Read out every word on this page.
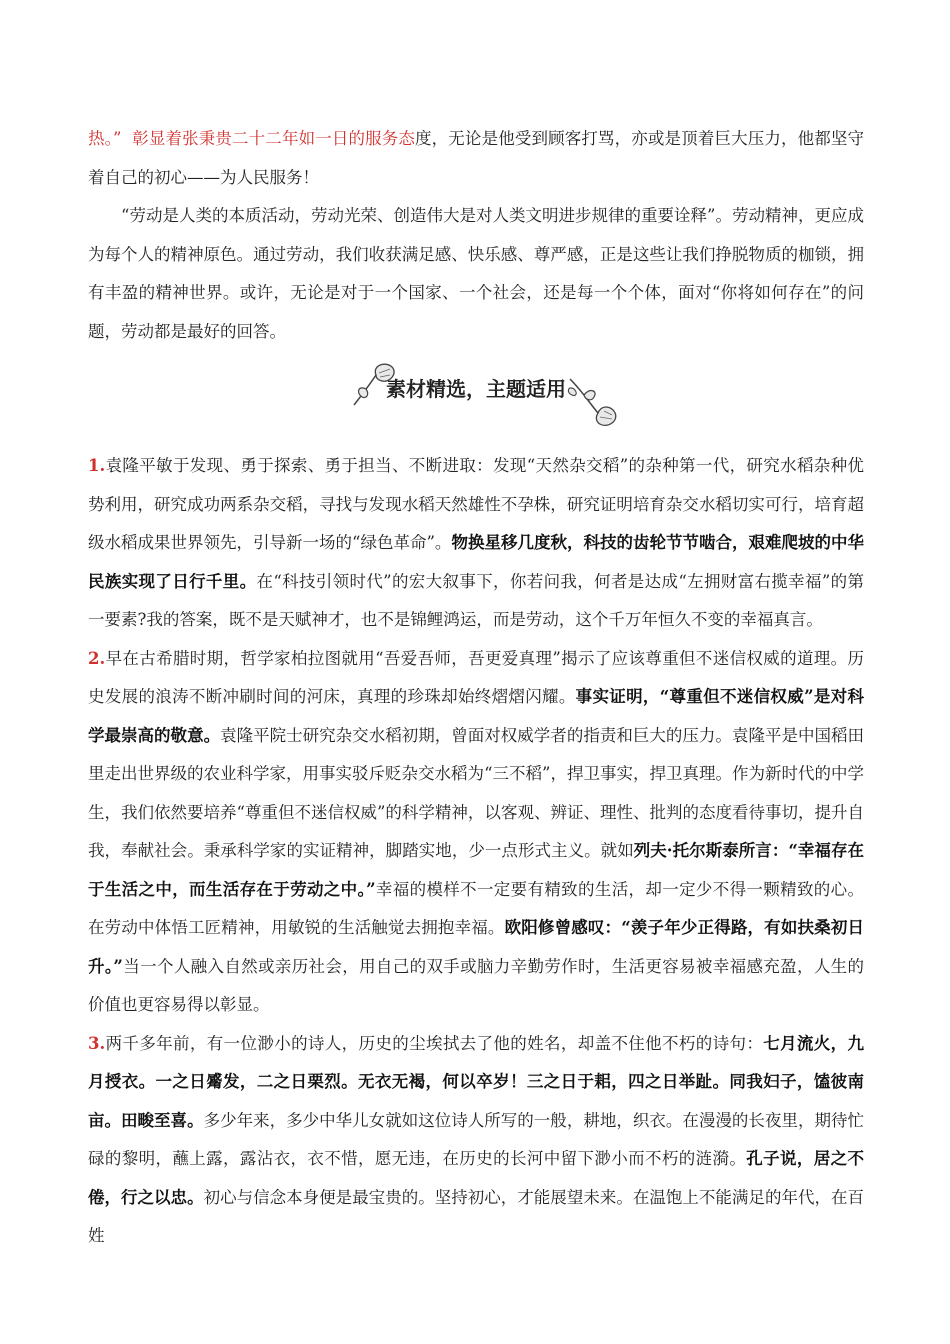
热。” 彰显着张秉贵二十二年如一日的服务态度，无论是他受到顾客打骂，亦或是顶着巨大压力，他都坚守着自己的初心——为人民服务！

“劳动是人类的本质活动，劳动光荣、创造伟大是对人类文明进步规律的重要诠释”。劳动精神，更应成为每个人的精神原色。通过劳动，我们收获满足感、快乐感、尊严感，正是这些让我们挣脱物质的枷锁，拥有丰盈的精神世界。或许，无论是对于一个国家、一个社会，还是每一个个体，面对“你将如何存在”的问题，劳动都是最好的回答。

素材精选，主题适用

1.袁隆平敏于发现、勇于探索、勇于担当、不断进取：发现“天然杂交稻”的杂种第一代，研究水稻杂种优势利用，研究成功两系杂交稻，寻找与发现水稻天然雄性不孕株，研究证明培育杂交水稻切实可行，培育超级水稻成果世界领先，引导新一场的“绿色革命”。物换星移几度秋，科技的齿轮节节啮合，艰难爬坡的中华民族实现了日行千里。在“科技引领时代”的宏大叙事下，你若问我，何者是达成“左拥财富右揽幸福”的第一要素?我的答案，既不是天赋神才，也不是锦鲤鸿运，而是劳动，这个千万年恒久不变的幸福真言。

2.早在古希腊时期，哲学家柏拉图就用“吾爱吾师，吾更爱真理”揭示了应该尊重但不迷信权威的道理。历史发展的浪涛不断冲刷时间的河床，真理的珍珠却始终熠熠闪耀。事实证明，“尊重但不迷信权威”是对科学最崇高的敬意。袁隆平院士研究杂交水稻初期，曾面对权威学者的指责和巨大的压力。袁隆平是中国稻田里走出世界级的农业科学家，用事实驳斥贬杂交水稻为“三不稻”，捍卫事实，捍卫真理。作为新时代的中学生，我们依然要培养“尊重但不迷信权威”的科学精神，以客观、辨证、理性、批判的态度看待事切，提升自我，奉献社会。秉承科学家的实证精神，脚踏实地，少一点形式主义。就如列夫·托尔斯泰所言：“幸福存在于生活之中，而生活存在于劳动之中。”幸福的模样不一定要有精致的生活，却一定少不得一颗精致的心。在劳动中体悟工匠精神，用敏锐的生活触觉去拥抱幸福。欧阳修曾感叹：“羡子年少正得路，有如扶桑初日升。”当一个人融入自然或亲历社会，用自己的双手或脑力辛勤劳作时，生活更容易被幸福感充盈，人生的价值也更容易得以彰显。

3.两千多年前，有一位渺小的诗人，历史的尘埃拭去了他的姓名，却盖不住他不朽的诗句：七月流火，九月授衣。一之日觱发，二之日栗烈。无衣无褐，何以卒岁！三之日于耜，四之日举趾。同我妇子，馌彼南亩。田畯至喜。多少年来，多少中华儿女就如这位诗人所写的一般，耕地，织衣。在漫漫的长夜里，期待忙碌的黎明，蘸上露，露沾衣，衣不惜，愿无违，在历史的长河中留下渺小而不朽的涟漪。孔子说，居之不倦，行之以忠。初心与信念本身便是最宝贵的。坚持初心，才能展望未来。在温饱上不能满足的年代，在百姓
